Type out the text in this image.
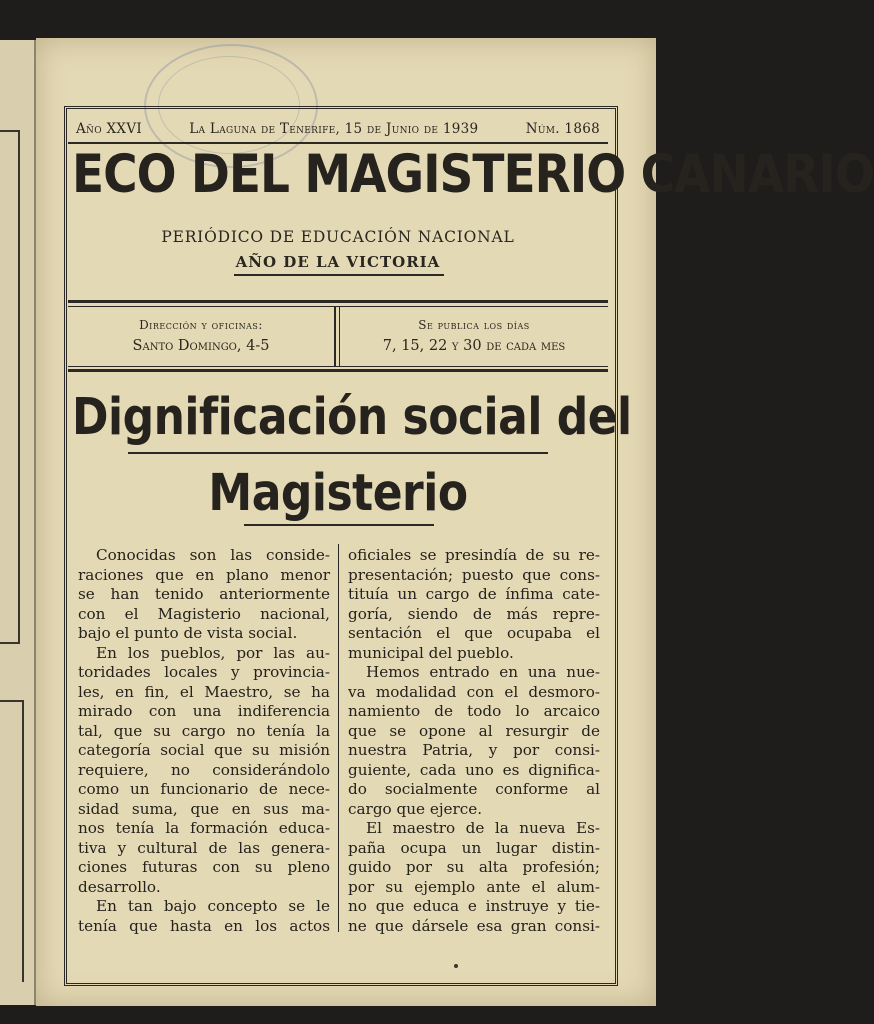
Año XXVI	La Laguna de Tenerife, 15 de Junio de 1939	Núm. 1868
ECO DEL MAGISTERIO CANARIO
PERIÓDICO DE EDUCACIÓN NACIONAL
AÑO DE LA VICTORIA
Dirección y oficinas:
Santo Domingo, 4-5
Se publica los días
7, 15, 22 y 30 de cada mes
Dignificación social del
Magisterio
Conocidas son las conside-
raciones que en plano menor
se han tenido anteriormente
con el Magisterio nacional,
bajo el punto de vista social.
En los pueblos, por las au-
toridades locales y provincia-
les, en fin, el Maestro, se ha
mirado con una indiferencia
tal, que su cargo no tenía la
categoría social que su misión
requiere, no considerándolo
como un funcionario de nece-
sidad suma, que en sus ma-
nos tenía la formación educa-
tiva y cultural de las genera-
ciones futuras con su pleno
desarrollo.
En tan bajo concepto se le
tenía que hasta en los actos
oficiales se presindía de su re-
presentación; puesto que cons-
tituía un cargo de ínfima cate-
goría, siendo de más repre-
sentación el que ocupaba el
municipal del pueblo.
Hemos entrado en una nue-
va modalidad con el desmoro-
namiento de todo lo arcaico
que se opone al resurgir de
nuestra Patria, y por consi-
guiente, cada uno es dignifica-
do socialmente conforme al
cargo que ejerce.
El maestro de la nueva Es-
paña ocupa un lugar distin-
guido por su alta profesión;
por su ejemplo ante el alum-
no que educa e instruye y tie-
ne que dársele esa gran consi-
